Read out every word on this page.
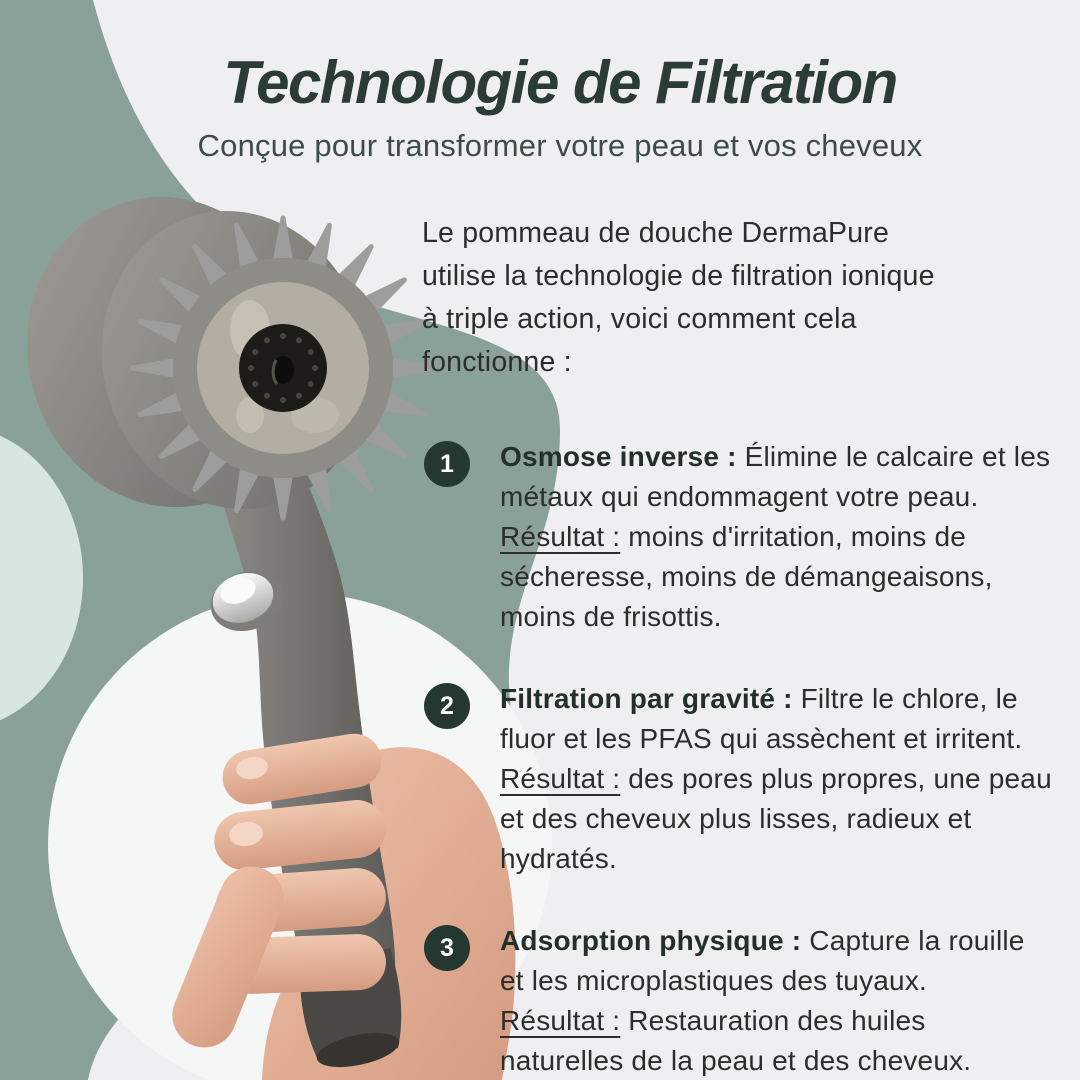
Technologie de Filtration

Conçue pour transformer votre peau et vos cheveux

Le pommeau de douche DermaPure
utilise la technologie de filtration ionique
à triple action, voici comment cela
fonctionne :
1	Osmose inverse : Élimine le calcaire et les métaux qui endommagent votre peau.
Résultat : moins d'irritation, moins de sécheresse, moins de démangeaisons, moins de frisottis.
2	Filtration par gravité : Filtre le chlore, le fluor et les PFAS qui assèchent et irritent.
Résultat : des pores plus propres, une peau et des cheveux plus lisses, radieux et hydratés.
3	Adsorption physique : Capture la rouille et les microplastiques des tuyaux.
Résultat : Restauration des huiles naturelles de la peau et des cheveux.
